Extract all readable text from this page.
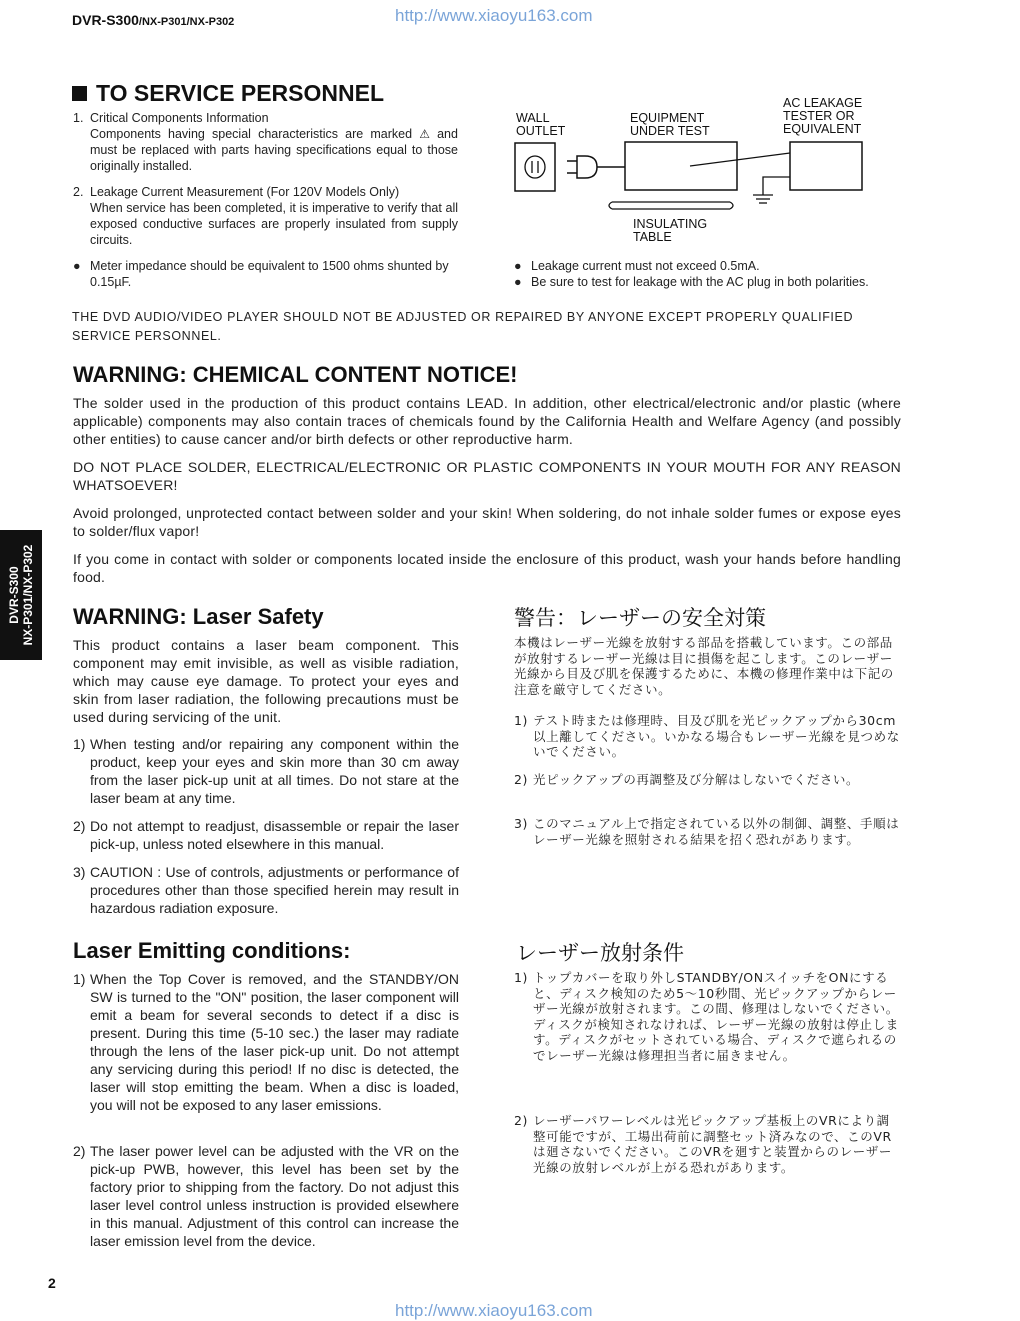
DVR-S300/NX-P301/NX-P302	http://www.xiaoyu163.com
DVR-S300
NX-P301/NX-P302
TO SERVICE PERSONNEL
1. Critical Components Information
Components having special characteristics are marked ⚠ and must be replaced with parts having specifications equal to those originally installed.
2. Leakage Current Measurement (For 120V Models Only)
When service has been completed, it is imperative to verify that all exposed conductive surfaces are properly insulated from supply circuits.
● Meter impedance should be equivalent to 1500 ohms shunted by 0.15µF.
WALL
OUTLET
EQUIPMENT
UNDER TEST
AC LEAKAGE
TESTER OR
EQUIVALENT
INSULATING
TABLE
● Leakage current must not exceed 0.5mA.
● Be sure to test for leakage with the AC plug in both polarities.
THE DVD AUDIO/VIDEO PLAYER SHOULD NOT BE ADJUSTED OR REPAIRED BY ANYONE EXCEPT PROPERLY QUALIFIED SERVICE PERSONNEL.
WARNING: CHEMICAL CONTENT NOTICE!
The solder used in the production of this product contains LEAD. In addition, other electrical/electronic and/or plastic (where applicable) components may also contain traces of chemicals found by the California Health and Welfare Agency (and possibly other entities) to cause cancer and/or birth defects or other reproductive harm.
DO NOT PLACE SOLDER, ELECTRICAL/ELECTRONIC OR PLASTIC COMPONENTS IN YOUR MOUTH FOR ANY REASON WHATSOEVER!
Avoid prolonged, unprotected contact between solder and your skin! When soldering, do not inhale solder fumes or expose eyes to solder/flux vapor!
If you come in contact with solder or components located inside the enclosure of this product, wash your hands before handling food.
WARNING: Laser Safety
This product contains a laser beam component. This component may emit invisible, as well as visible radiation, which may cause eye damage. To protect your eyes and skin from laser radiation, the following precautions must be used during servicing of the unit.
1) When testing and/or repairing any component within the product, keep your eyes and skin more than 30 cm away from the laser pick-up unit at all times. Do not stare at the laser beam at any time.
2) Do not attempt to readjust, disassemble or repair the laser pick-up, unless noted elsewhere in this manual.
3) CAUTION : Use of controls, adjustments or performance of procedures other than those specified herein may result in hazardous radiation exposure.
警告：レーザーの安全対策
本機はレーザー光線を放射する部品を搭載しています。この部品が放射するレーザー光線は目に損傷を起こします。このレーザー光線から目及び肌を保護するために、本機の修理作業中は下記の注意を厳守してください。
1) テスト時または修理時、目及び肌を光ピックアップから30cm以上離してください。いかなる場合もレーザー光線を見つめないでください。
2) 光ピックアップの再調整及び分解はしないでください。
3) このマニュアル上で指定されている以外の制御、調整、手順はレーザー光線を照射される結果を招く恐れがあります。
Laser Emitting conditions:
1) When the Top Cover is removed, and the STANDBY/ON SW is turned to the "ON" position, the laser component will emit a beam for several seconds to detect if a disc is present. During this time (5-10 sec.) the laser may radiate through the lens of the laser pick-up unit. Do not attempt any servicing during this period! If no disc is detected, the laser will stop emitting the beam. When a disc is loaded, you will not be exposed to any laser emissions.
2) The laser power level can be adjusted with the VR on the pick-up PWB, however, this level has been set by the factory prior to shipping from the factory. Do not adjust this laser level control unless instruction is provided elsewhere in this manual. Adjustment of this control can increase the laser emission level from the device.
レーザー放射条件
1) トップカバーを取り外しSTANDBY/ONスイッチをONにすると、ディスク検知のため5〜10秒間、光ピックアップからレーザー光線が放射されます。この間、修理はしないでください。
ディスクが検知されなければ、レーザー光線の放射は停止します。ディスクがセットされている場合、ディスクで遮られるのでレーザー光線は修理担当者に届きません。
2) レーザーパワーレベルは光ピックアップ基板上のVRにより調整可能ですが、工場出荷前に調整セット済みなので、このVRは廻さないでください。このVRを廻すと装置からのレーザー光線の放射レベルが上がる恐れがあります。
2
http://www.xiaoyu163.com
